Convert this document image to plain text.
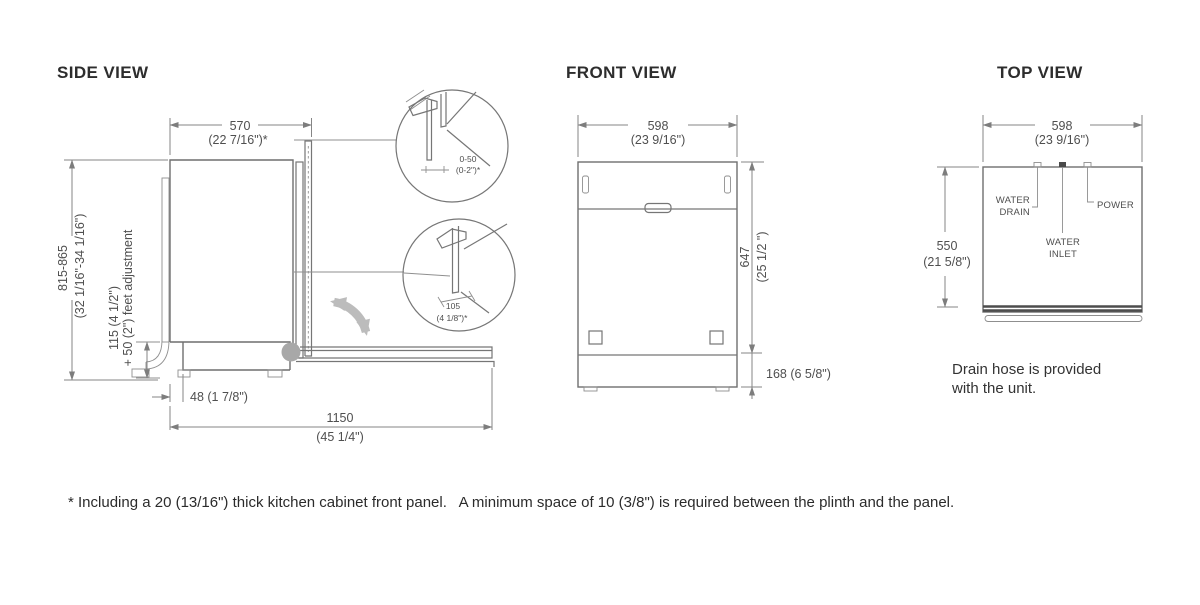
570
(22 7/16")*
815-865 (32 1/16"-34 1/16") 115 (4 1/2") + 50 (2") feet adjustment
48 (1 7/8")
1150
(45 1/4")
0-50
(0-2")*
105
(4 1/8")*
598
(23 9/16")
647 (25 1/2 ")
168 (6 5/8")
WATER
DRAIN
POWER
WATER
INLET
598
(23 9/16")
550
(21 5/8")
SIDE VIEW	FRONT VIEW	TOP VIEW
Drain hose is provided
with the unit.
* Including a 20 (13/16") thick kitchen cabinet front panel.   A minimum space of 10 (3/8") is required between the plinth and the panel.
